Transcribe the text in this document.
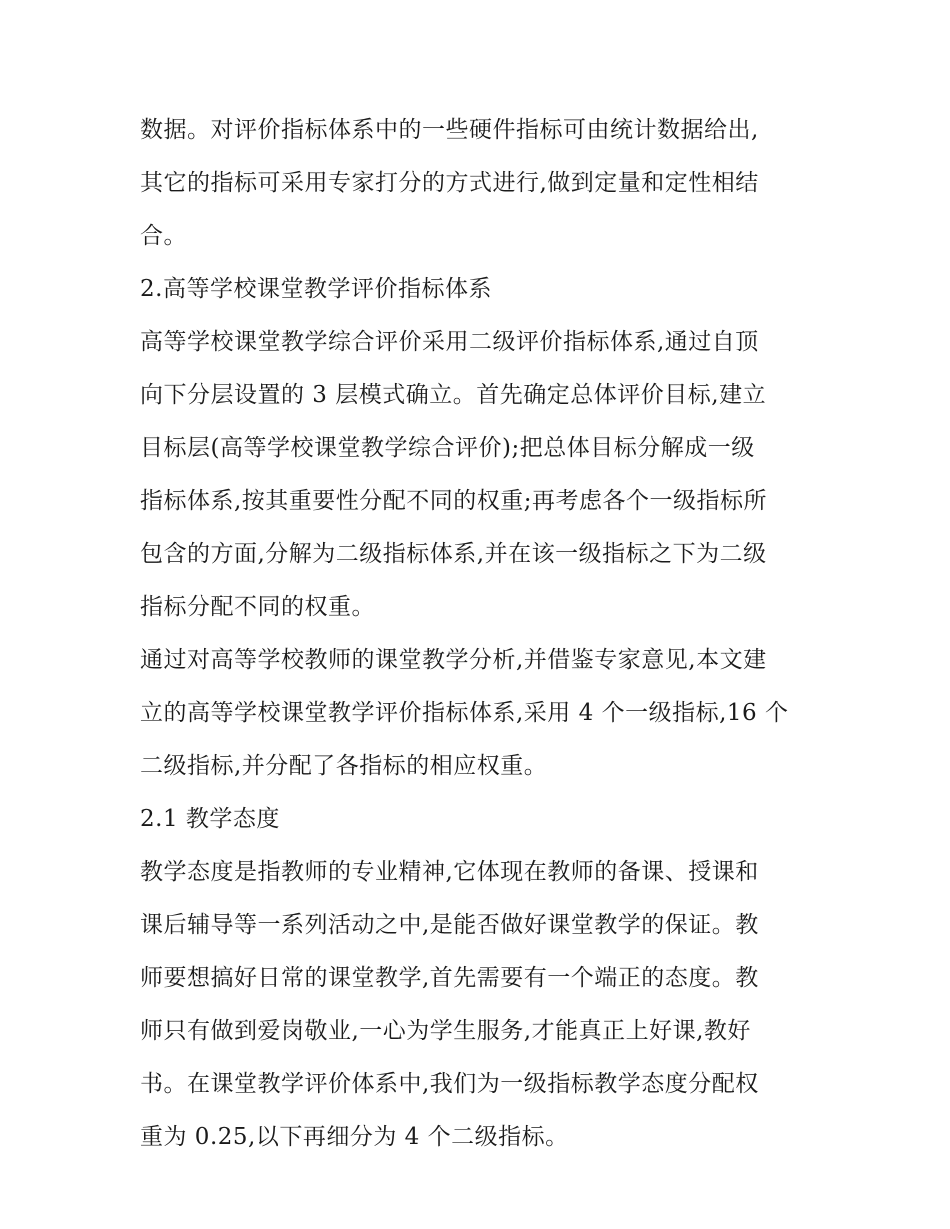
数据。对评价指标体系中的一些硬件指标可由统计数据给出,
其它的指标可采用专家打分的方式进行,做到定量和定性相结
合。
2.高等学校课堂教学评价指标体系
高等学校课堂教学综合评价采用二级评价指标体系,通过自顶
向下分层设置的 3 层模式确立。首先确定总体评价目标,建立
目标层(高等学校课堂教学综合评价);把总体目标分解成一级
指标体系,按其重要性分配不同的权重;再考虑各个一级指标所
包含的方面,分解为二级指标体系,并在该一级指标之下为二级
指标分配不同的权重。
通过对高等学校教师的课堂教学分析,并借鉴专家意见,本文建
立的高等学校课堂教学评价指标体系,采用 4 个一级指标,16 个
二级指标,并分配了各指标的相应权重。
2.1 教学态度
教学态度是指教师的专业精神,它体现在教师的备课、授课和
课后辅导等一系列活动之中,是能否做好课堂教学的保证。教
师要想搞好日常的课堂教学,首先需要有一个端正的态度。教
师只有做到爱岗敬业,一心为学生服务,才能真正上好课,教好
书。在课堂教学评价体系中,我们为一级指标教学态度分配权
重为 0.25,以下再细分为 4 个二级指标。
